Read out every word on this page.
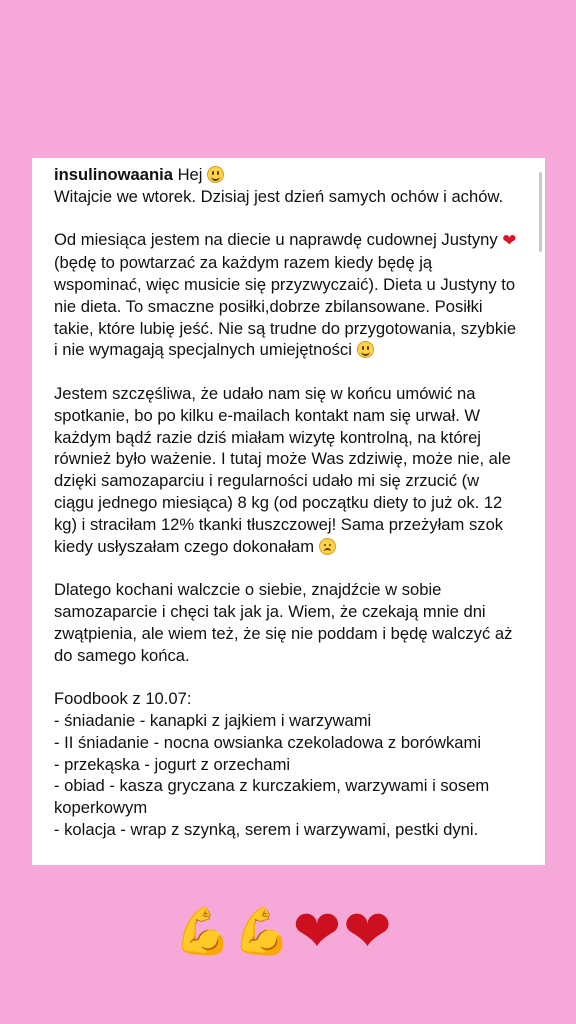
insulinowaania Hej

Witajcie we wtorek. Dzisiaj jest dzień samych ochów i achów.

Od miesiąca jestem na diecie u naprawdę cudownej Justyny ❤ (będę to powtarzać za każdym razem kiedy będę ją wspominać, więc musicie się przyzwyczaić). Dieta u Justyny to nie dieta. To smaczne posiłki,dobrze zbilansowane. Posiłki takie, które lubię jeść. Nie są trudne do przygotowania, szybkie i nie wymagają specjalnych umiejętności

Jestem szczęśliwa, że udało nam się w końcu umówić na spotkanie, bo po kilku e-mailach kontakt nam się urwał. W każdym bądź razie dziś miałam wizytę kontrolną, na której również było ważenie. I tutaj może Was zdziwię, może nie, ale dzięki samozaparciu i regularności udało mi się zrzucić (w ciągu jednego miesiąca) 8 kg (od początku diety to już ok. 12 kg) i straciłam 12% tkanki tłuszczowej! Sama przeżyłam szok kiedy usłyszałam czego dokonałam

Dlatego kochani walczcie o siebie, znajdźcie w sobie samozaparcie i chęci tak jak ja. Wiem, że czekają mnie dni zwątpienia, ale wiem też, że się nie poddam i będę walczyć aż do samego końca.

Foodbook z 10.07:

- śniadanie - kanapki z jajkiem i warzywami

- II śniadanie - nocna owsianka czekoladowa z borówkami

- przekąska - jogurt z orzechami

- obiad - kasza gryczana z kurczakiem, warzywami i sosem koperkowym

- kolacja - wrap z szynką, serem i warzywami, pestki dyni.

💪 💪 ❤ ❤
